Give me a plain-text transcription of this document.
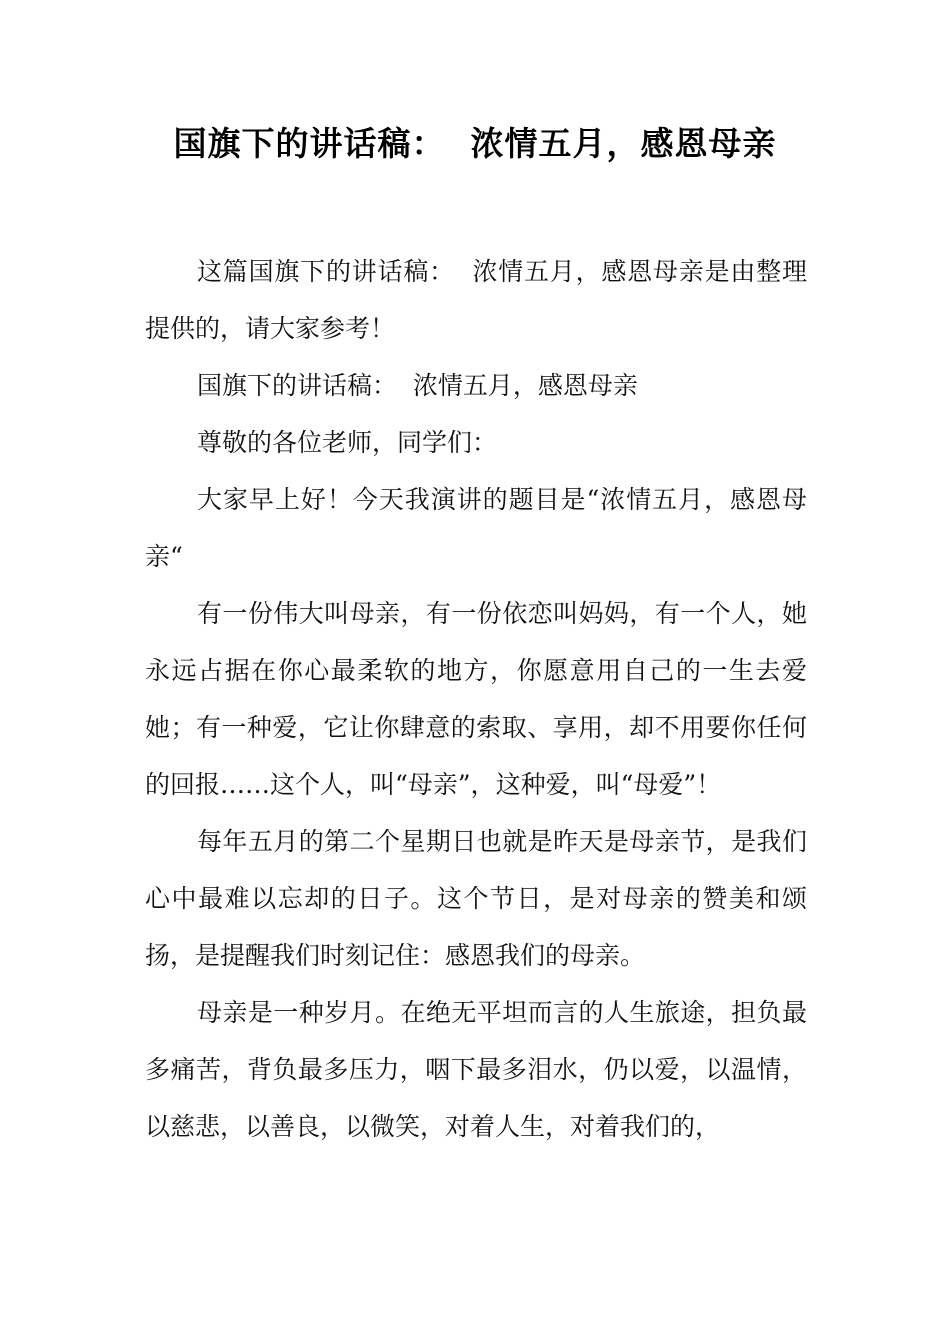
国旗下的讲话稿：  浓情五月，感恩母亲

这篇国旗下的讲话稿：  浓情五月，感恩母亲是由整理提供的，请大家参考！

国旗下的讲话稿：  浓情五月，感恩母亲

尊敬的各位老师，同学们：

大家早上好！今天我演讲的题目是“浓情五月，感恩母亲“

有一份伟大叫母亲，有一份依恋叫妈妈，有一个人，她永远占据在你心最柔软的地方，你愿意用自己的一生去爱她；有一种爱，它让你肆意的索取、享用，却不用要你任何的回报……这个人，叫“母亲”，这种爱，叫“母爱”！

每年五月的第二个星期日也就是昨天是母亲节，是我们心中最难以忘却的日子。这个节日，是对母亲的赞美和颂扬，是提醒我们时刻记住：感恩我们的母亲。

母亲是一种岁月。在绝无平坦而言的人生旅途，担负最多痛苦，背负最多压力，咽下最多泪水，仍以爱，以温情，以慈悲，以善良，以微笑，对着人生，对着我们的，
